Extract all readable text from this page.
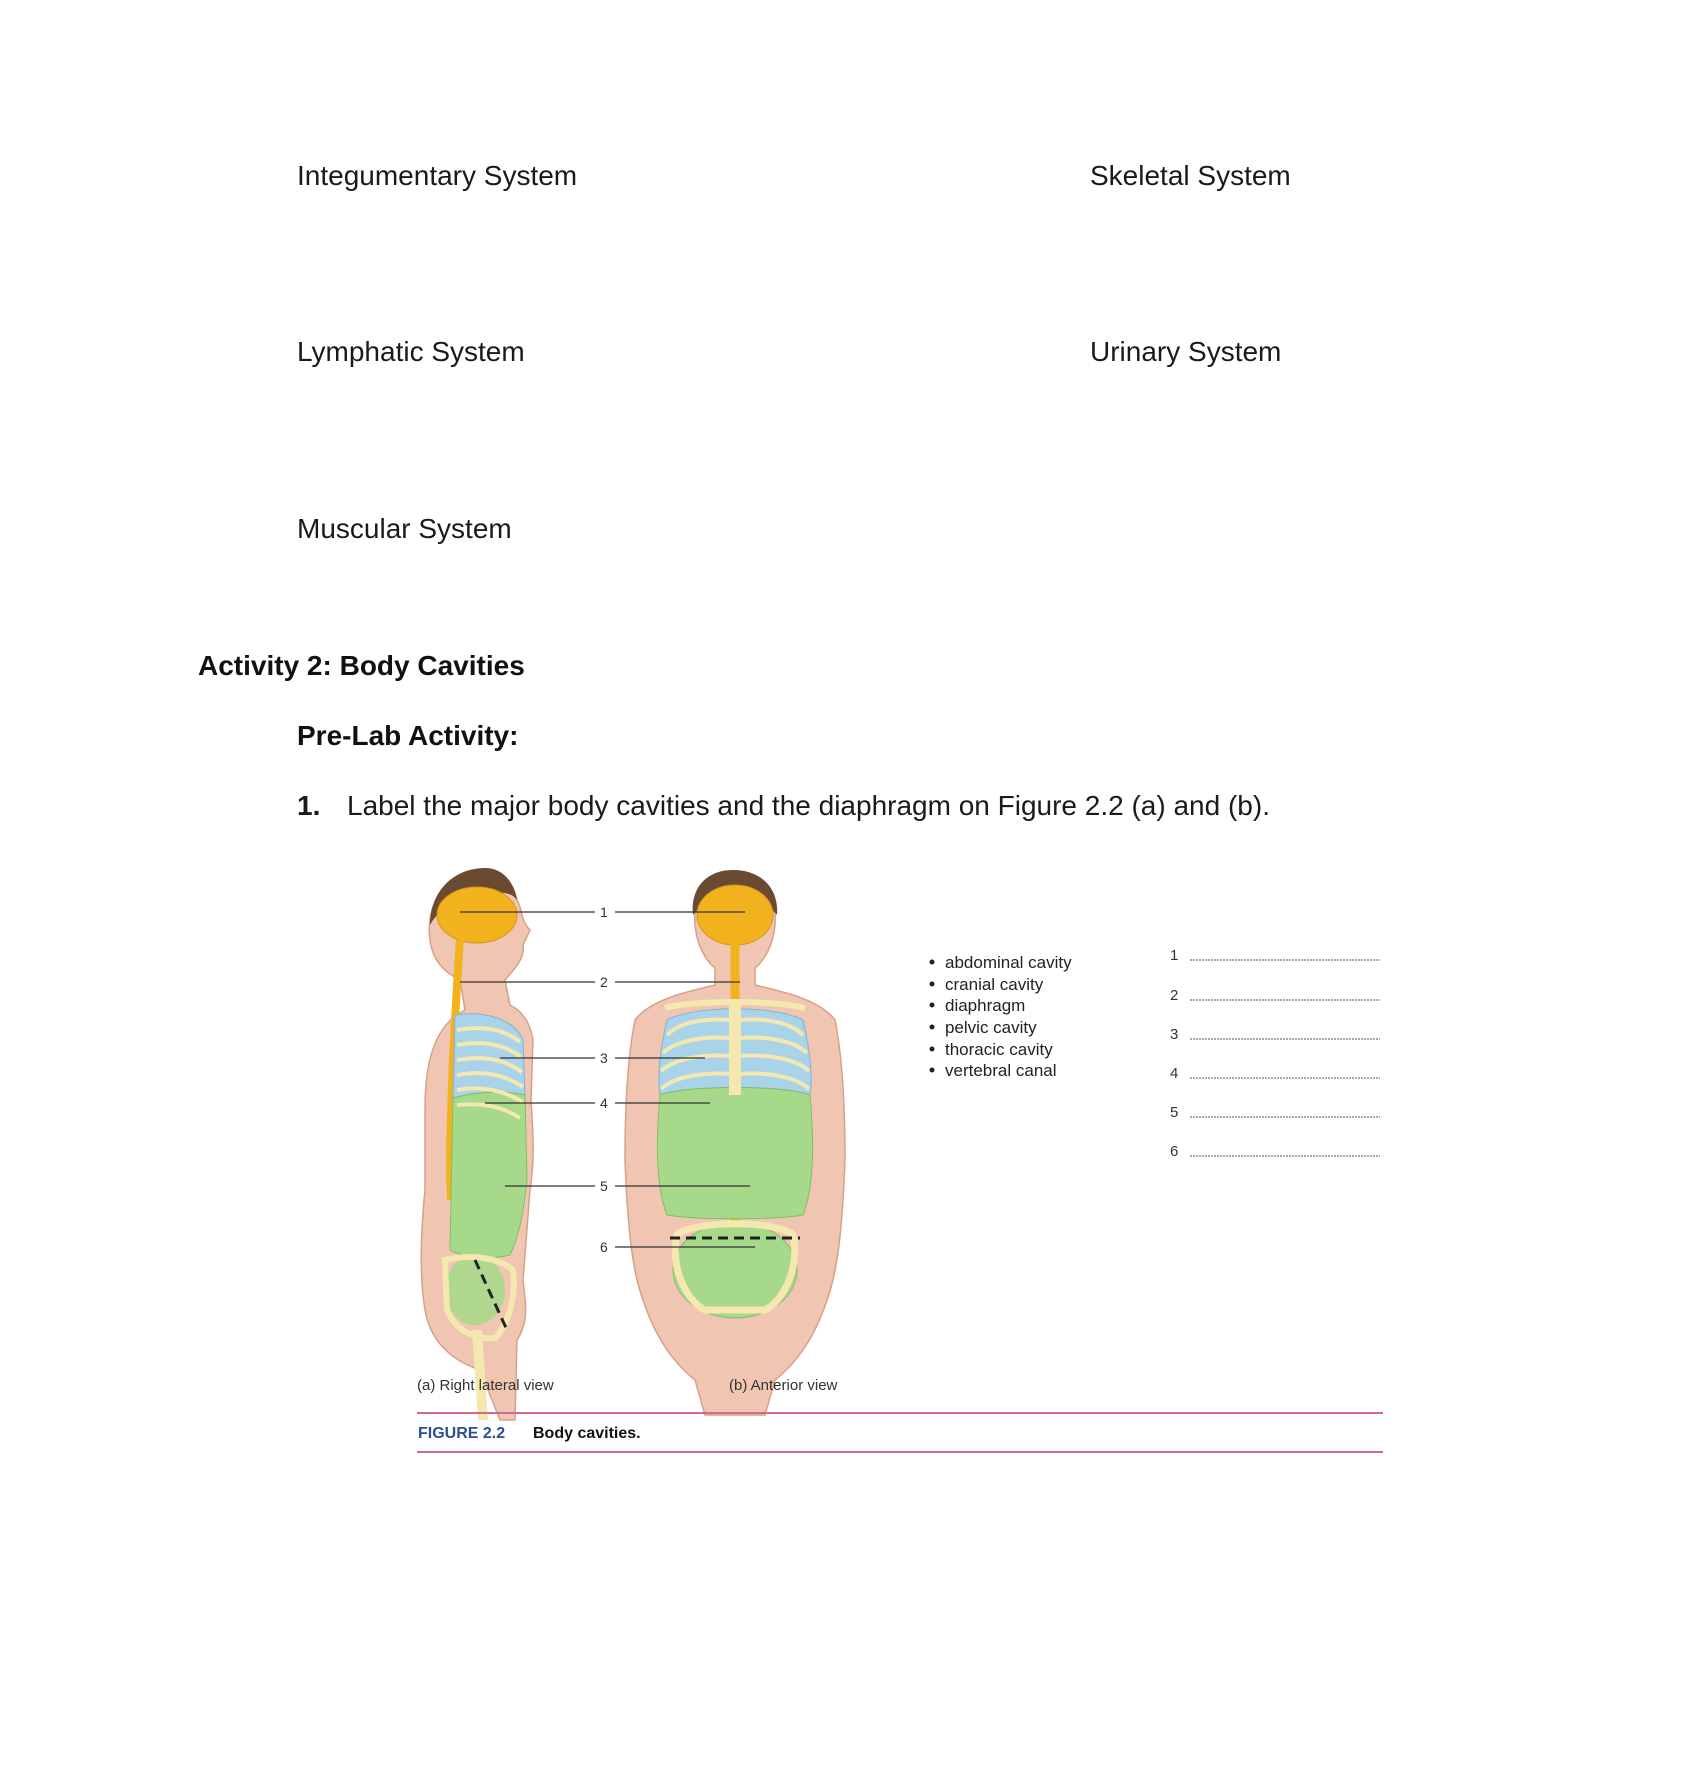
Integumentary System	Skeletal System
Lymphatic System	Urinary System
Muscular System
Activity 2: Body Cavities
Pre-Lab Activity:
1. Label the major body cavities and the diaphragm on Figure 2.2 (a) and (b).
1
2
3
4
5
6
abdominal cavity
cranial cavity
diaphragm
pelvic cavity
thoracic cavity
vertebral canal
1
2
3
4
5
6
(a) Right lateral view	(b) Anterior view
FIGURE 2.2 Body cavities.
